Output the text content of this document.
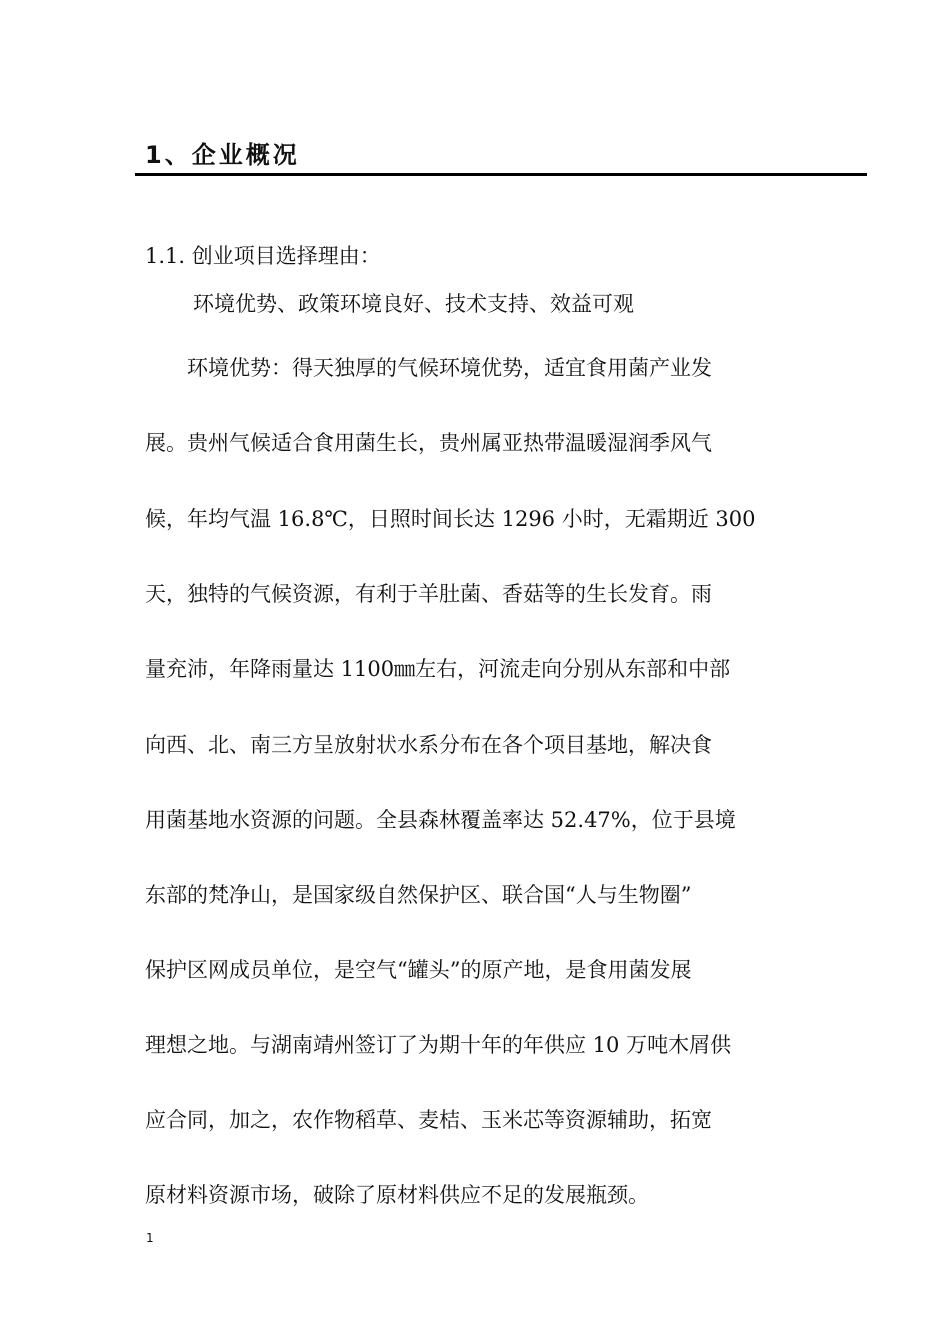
1、企业概况

1.1. 创业项目选择理由：

环境优势、政策环境良好、技术支持、效益可观

　　环境优势：得天独厚的气候环境优势，适宜食用菌产业发

展。贵州气候适合食用菌生长，贵州属亚热带温暖湿润季风气

候，年均气温 16.8℃，日照时间长达 1296 小时，无霜期近 300

天，独特的气候资源，有利于羊肚菌、香菇等的生长发育。雨

量充沛，年降雨量达 1100㎜左右，河流走向分别从东部和中部

向西、北、南三方呈放射状水系分布在各个项目基地，解决食

用菌基地水资源的问题。全县森林覆盖率达 52.47%，位于县境

东部的梵净山，是国家级自然保护区、联合国“人与生物圈”

保护区网成员单位，是空气“罐头”的原产地，是食用菌发展

理想之地。与湖南靖州签订了为期十年的年供应 10 万吨木屑供

应合同，加之，农作物稻草、麦桔、玉米芯等资源辅助，拓宽

原材料资源市场，破除了原材料供应不足的发展瓶颈。

1
